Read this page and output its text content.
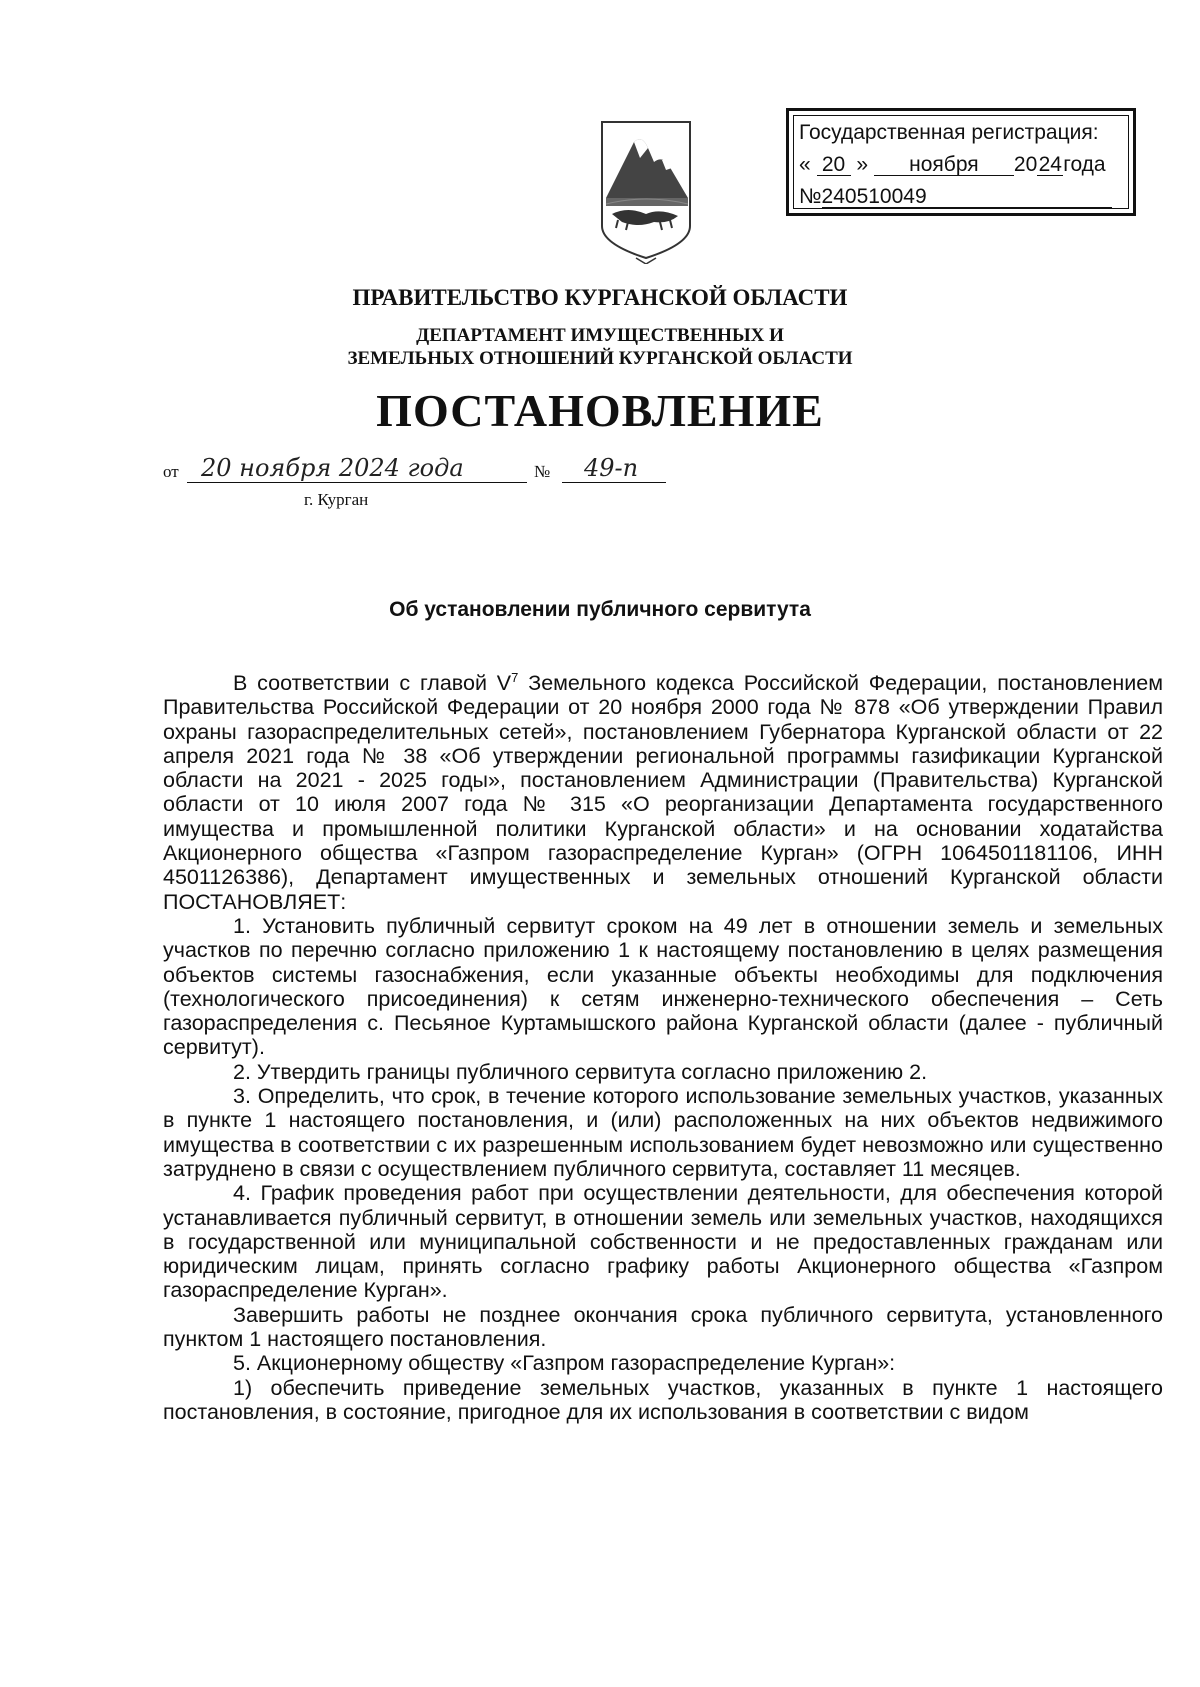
Государственная регистрация:
« 20 » ноября 2024года
№240510049
ПРАВИТЕЛЬСТВО КУРГАНСКОЙ ОБЛАСТИ
ДЕПАРТАМЕНТ ИМУЩЕСТВЕННЫХ И
ЗЕМЕЛЬНЫХ ОТНОШЕНИЙ КУРГАНСКОЙ ОБЛАСТИ
ПОСТАНОВЛЕНИЕ
от 20 ноября 2024 года	№ 49-п
г. Курган
Об установлении публичного сервитута

В соответствии с главой $V^7$ Земельного кодекса Российской Федерации, постановлением Правительства Российской Федерации от 20 ноября 2000 года № 878 «Об утверждении Правил охраны газораспределительных сетей», постановлением Губернатора Курганской области от 22 апреля 2021 года № 38 «Об утверждении региональной программы газификации Курганской области на 2021 - 2025 годы», постановлением Администрации (Правительства) Курганской области от 10 июля 2007 года № 315 «О реорганизации Департамента государственного имущества и промышленной политики Курганской области» и на основании ходатайства Акционерного общества «Газпром газораспределение Курган» (ОГРН 1064501181106, ИНН 4501126386), Департамент имущественных и земельных отношений Курганской области ПОСТАНОВЛЯЕТ:

1. Установить публичный сервитут сроком на 49 лет в отношении земель и земельных участков по перечню согласно приложению 1 к настоящему постановлению в целях размещения объектов системы газоснабжения, если указанные объекты необходимы для подключения (технологического присоединения) к сетям инженерно-технического обеспечения – Сеть газораспределения с. Песьяное Куртамышского района Курганской области (далее - публичный сервитут).

2. Утвердить границы публичного сервитута согласно приложению 2.

3. Определить, что срок, в течение которого использование земельных участков, указанных в пункте 1 настоящего постановления, и (или) расположенных на них объектов недвижимого имущества в соответствии с их разрешенным использованием будет невозможно или существенно затруднено в связи с осуществлением публичного сервитута, составляет 11 месяцев.

4. График проведения работ при осуществлении деятельности, для обеспечения которой устанавливается публичный сервитут, в отношении земель или земельных участков, находящихся в государственной или муниципальной собственности и не предоставленных гражданам или юридическим лицам, принять согласно графику работы Акционерного общества «Газпром газораспределение Курган».

Завершить работы не позднее окончания срока публичного сервитута, установленного пунктом 1 настоящего постановления.

5. Акционерному обществу «Газпром газораспределение Курган»:

1) обеспечить приведение земельных участков, указанных в пункте 1 настоящего постановления, в состояние, пригодное для их использования в соответствии с видом
